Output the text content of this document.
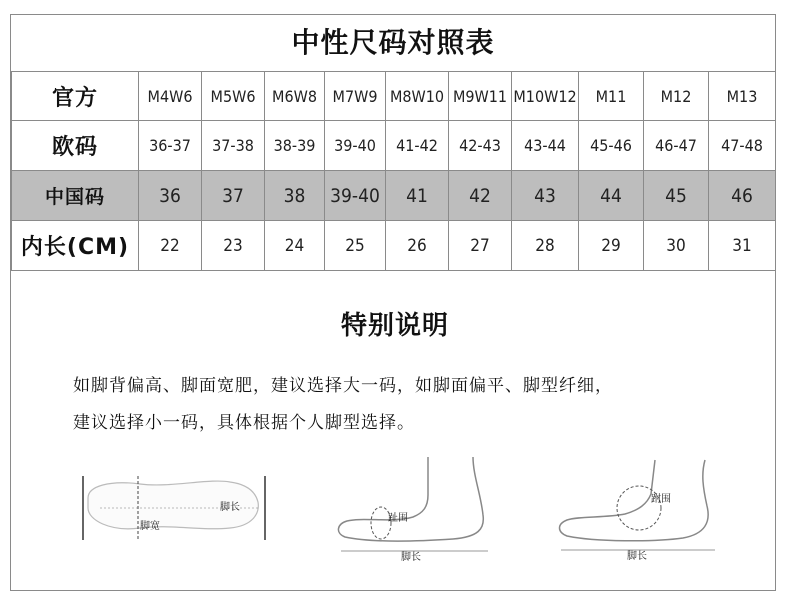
中性尺码对照表
官方	M4W6	M5W6	M6W8	M7W9	M8W10	M9W11	M10W12	M11	M12	M13
欧码	36-37	37-38	38-39	39-40	41-42	42-43	43-44	45-46	46-47	47-48
中国码	36	37	38	39-40	41	42	43	44	45	46
内长(CM)	22	23	24	25	26	27	28	29	30	31
特别说明
如脚背偏高、脚面宽肥，建议选择大一码，如脚面偏平、脚型纤细，
建议选择小一码，具体根据个人脚型选择。
脚长
脚宽
趾围
脚长
跗围
脚长
